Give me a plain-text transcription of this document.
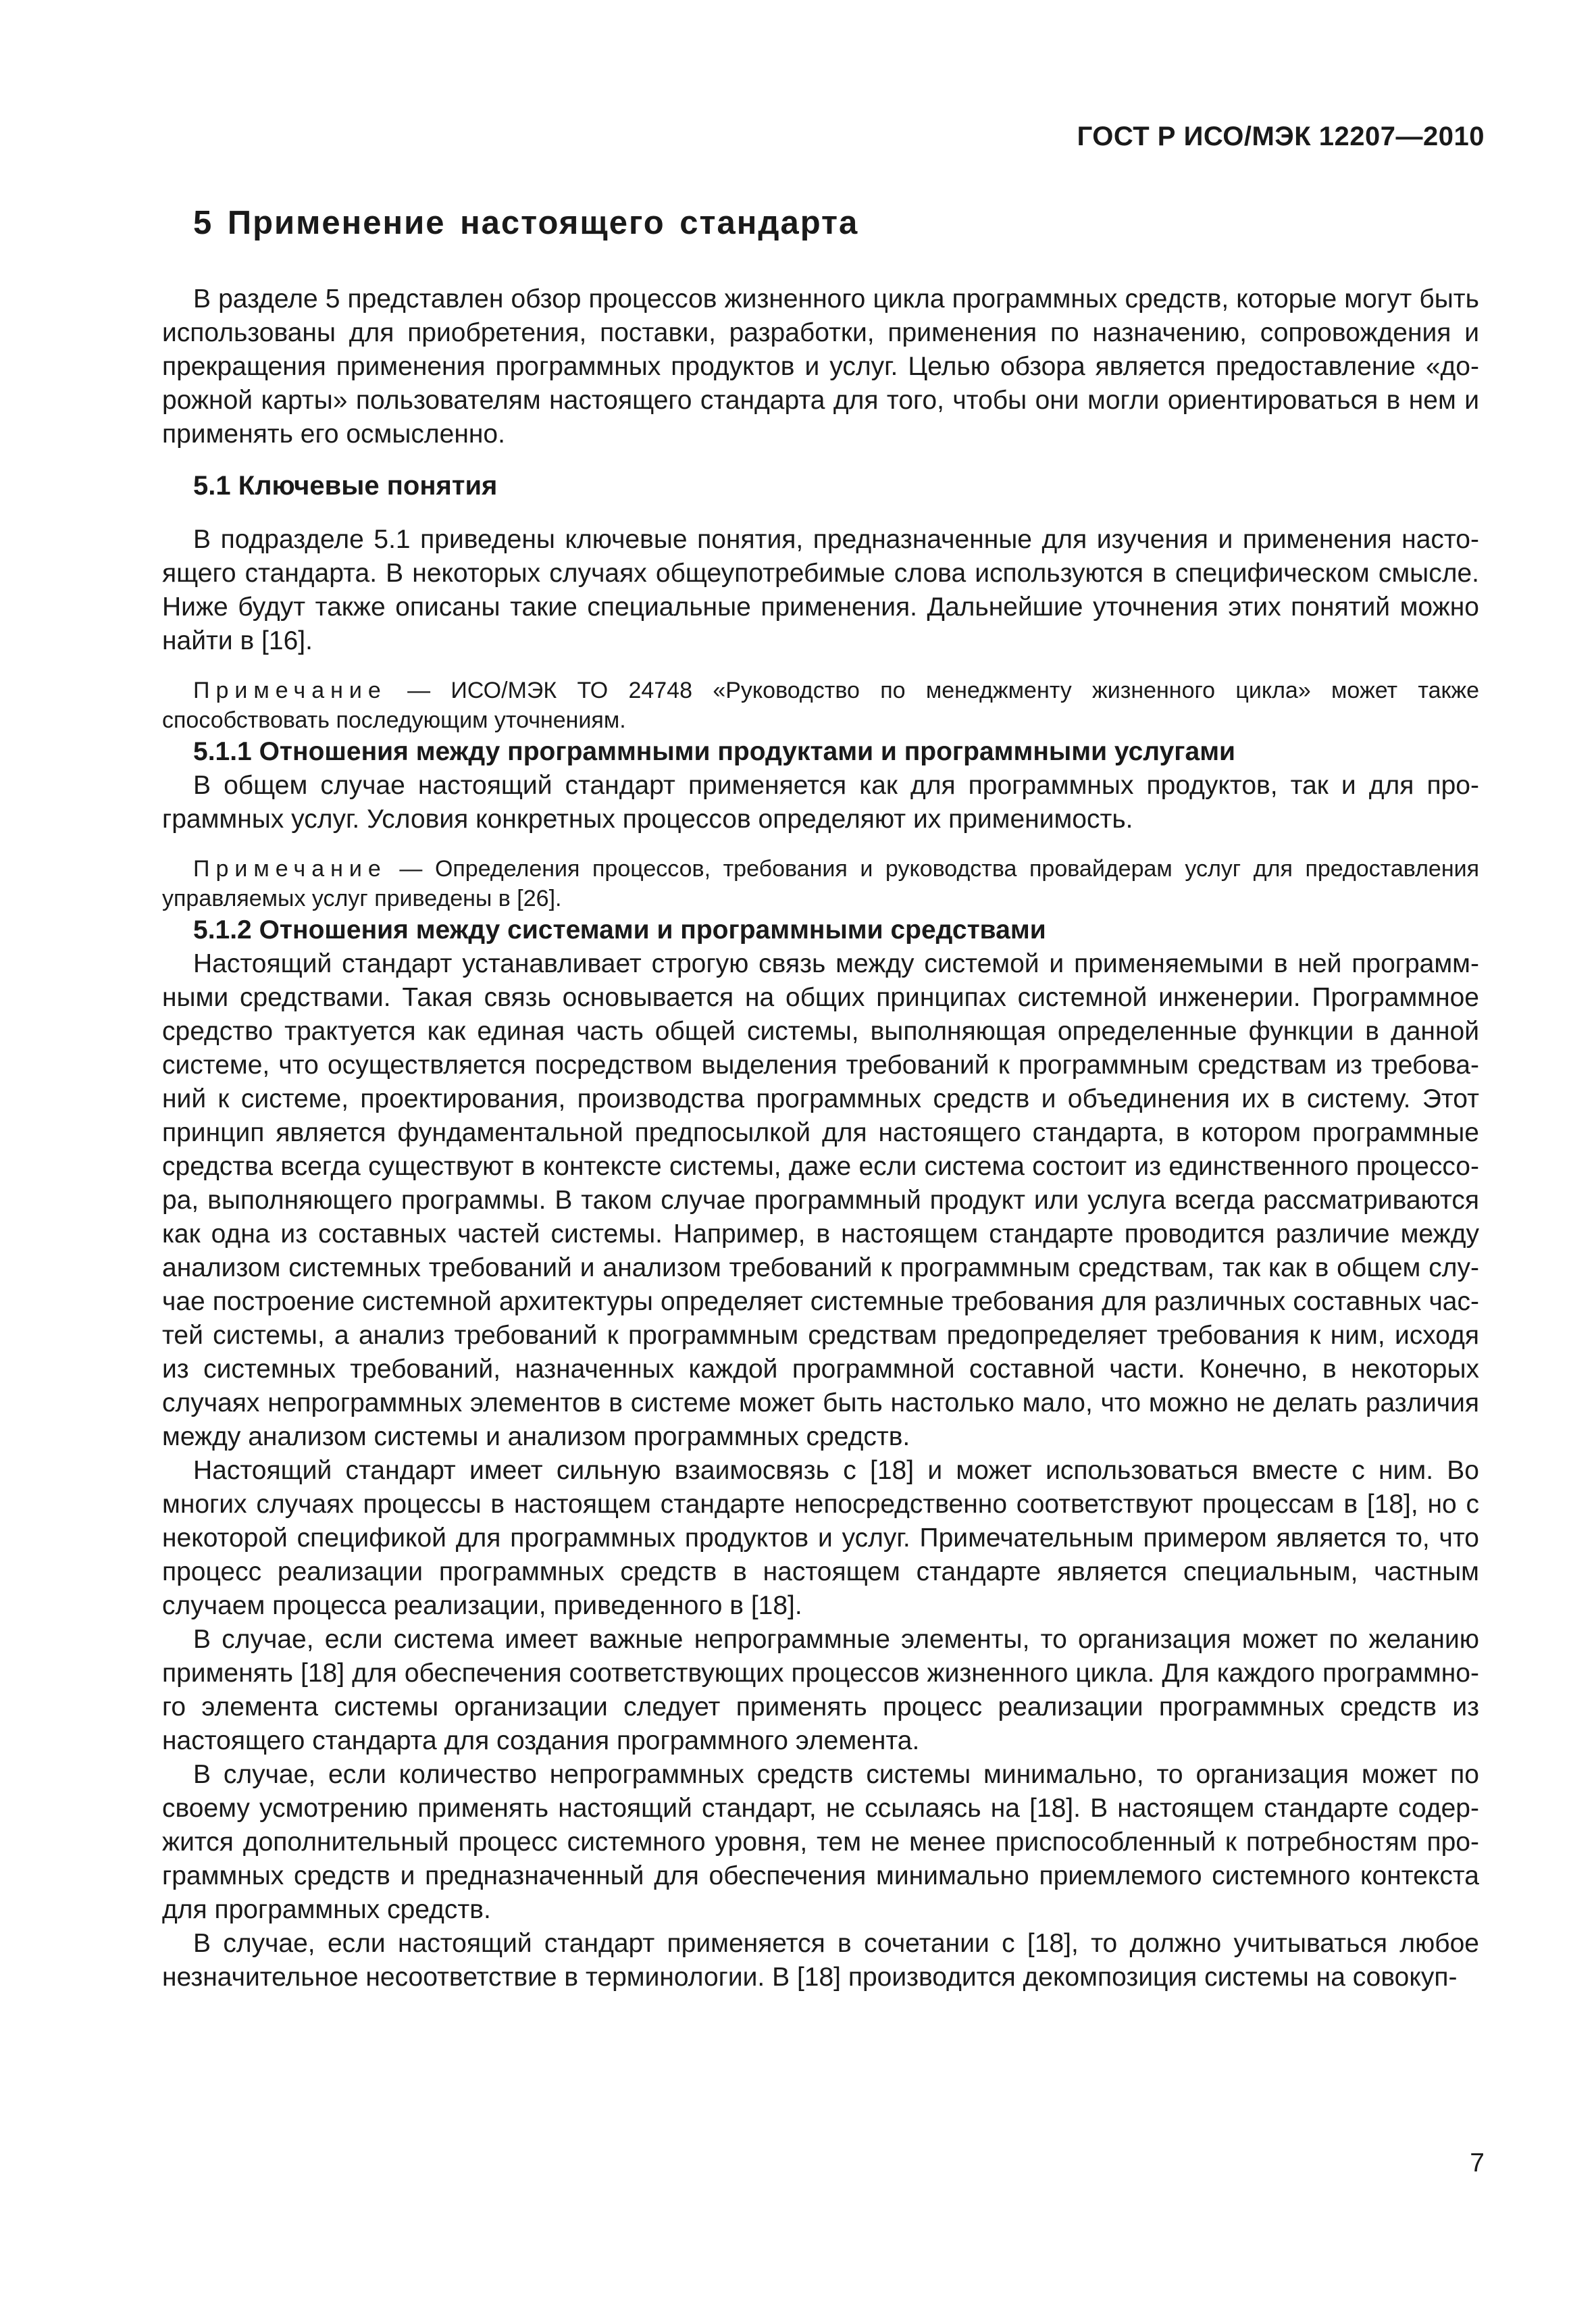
ГОСТ Р ИСО/МЭК 12207—2010
5 Применение настоящего стандарта

В разделе 5 представлен обзор процессов жизненного цикла программных средств, которые могут быть использованы для приобретения, поставки, разработки, применения по назначению, сопровождения и прекращения применения программных продуктов и услуг. Целью обзора является предоставление «дорожной карты» пользователям настоящего стандарта для того, чтобы они могли ориентироваться в нем и применять его осмысленно.

5.1 Ключевые понятия

В подразделе 5.1 приведены ключевые понятия, предназначенные для изучения и применения настоящего стандарта. В некоторых случаях общеупотребимые слова используются в специфическом смысле. Ниже будут также описаны такие специальные применения. Дальнейшие уточнения этих понятий можно найти в [16].

Примечание — ИСО/МЭК ТО 24748 «Руководство по менеджменту жизненного цикла» может также способствовать последующим уточнениям.

5.1.1 Отношения между программными продуктами и программными услугами

В общем случае настоящий стандарт применяется как для программных продуктов, так и для программных услуг. Условия конкретных процессов определяют их применимость.

Примечание — Определения процессов, требования и руководства провайдерам услуг для предоставления управляемых услуг приведены в [26].

5.1.2 Отношения между системами и программными средствами

Настоящий стандарт устанавливает строгую связь между системой и применяемыми в ней программными средствами. Такая связь основывается на общих принципах системной инженерии. Программное средство трактуется как единая часть общей системы, выполняющая определенные функции в данной системе, что осуществляется посредством выделения требований к программным средствам из требований к системе, проектирования, производства программных средств и объединения их в систему. Этот принцип является фундаментальной предпосылкой для настоящего стандарта, в котором программные средства всегда существуют в контексте системы, даже если система состоит из единственного процессора, выполняющего программы. В таком случае программный продукт или услуга всегда рассматриваются как одна из составных частей системы. Например, в настоящем стандарте проводится различие между анализом системных требований и анализом требований к программным средствам, так как в общем случае построение системной архитектуры определяет системные требования для различных составных частей системы, а анализ требований к программным средствам предопределяет требования к ним, исходя из системных требований, назначенных каждой программной составной части. Конечно, в некоторых случаях непрограммных элементов в системе может быть настолько мало, что можно не делать различия между анализом системы и анализом программных средств.

Настоящий стандарт имеет сильную взаимосвязь с [18] и может использоваться вместе с ним. Во многих случаях процессы в настоящем стандарте непосредственно соответствуют процессам в [18], но с некоторой спецификой для программных продуктов и услуг. Примечательным примером является то, что процесс реализации программных средств в настоящем стандарте является специальным, частным случаем процесса реализации, приведенного в [18].

В случае, если система имеет важные непрограммные элементы, то организация может по желанию применять [18] для обеспечения соответствующих процессов жизненного цикла. Для каждого программного элемента системы организации следует применять процесс реализации программных средств из настоящего стандарта для создания программного элемента.

В случае, если количество непрограммных средств системы минимально, то организация может по своему усмотрению применять настоящий стандарт, не ссылаясь на [18]. В настоящем стандарте содержится дополнительный процесс системного уровня, тем не менее приспособленный к потребностям программных средств и предназначенный для обеспечения минимально приемлемого системного контекста для программных средств.

В случае, если настоящий стандарт применяется в сочетании с [18], то должно учитываться любое незначительное несоответствие в терминологии. В [18] производится декомпозиция системы на совокуп-

7
